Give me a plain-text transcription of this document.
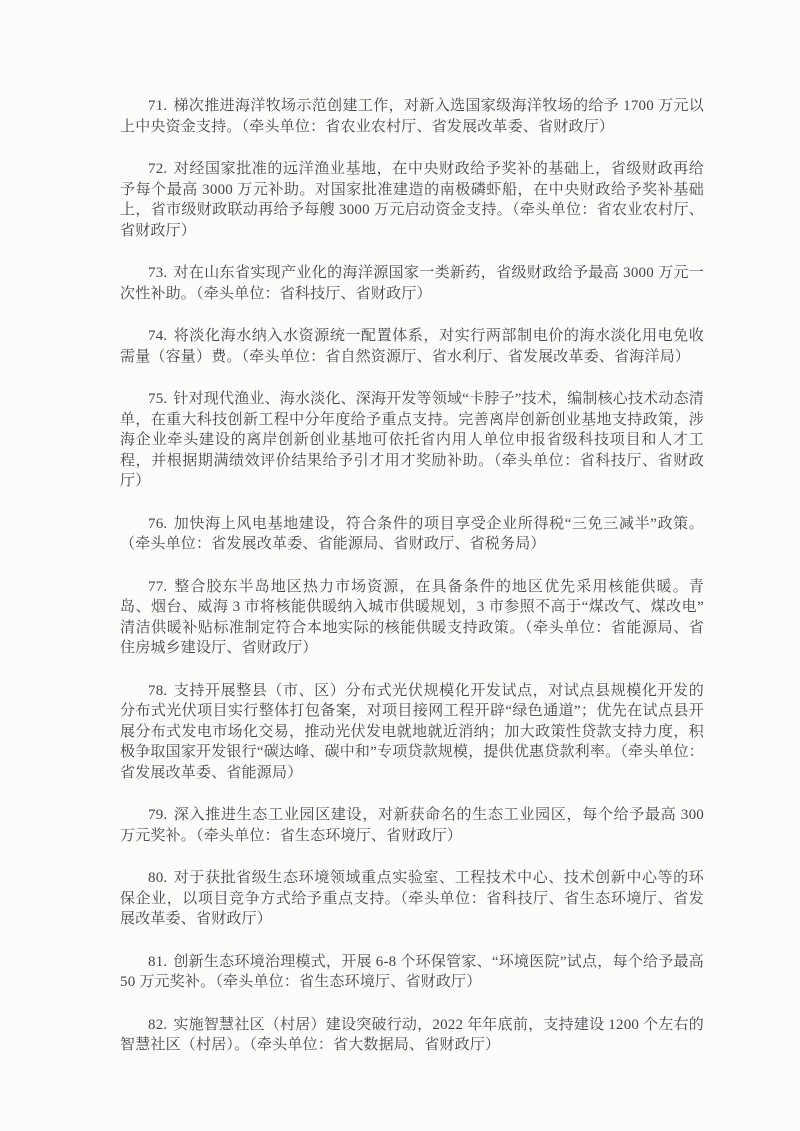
71. 梯次推进海洋牧场示范创建工作，对新入选国家级海洋牧场的给予 1700 万元以上中央资金支持。（牵头单位：省农业农村厅、省发展改革委、省财政厅）

72. 对经国家批准的远洋渔业基地，在中央财政给予奖补的基础上，省级财政再给予每个最高 3000 万元补助。对国家批准建造的南极磷虾船，在中央财政给予奖补基础上，省市级财政联动再给予每艘 3000 万元启动资金支持。（牵头单位：省农业农村厅、省财政厅）

73. 对在山东省实现产业化的海洋源国家一类新药，省级财政给予最高 3000 万元一次性补助。（牵头单位：省科技厅、省财政厅）

74. 将淡化海水纳入水资源统一配置体系，对实行两部制电价的海水淡化用电免收需量（容量）费。（牵头单位：省自然资源厅、省水利厅、省发展改革委、省海洋局）

75. 针对现代渔业、海水淡化、深海开发等领域“卡脖子”技术，编制核心技术动态清单，在重大科技创新工程中分年度给予重点支持。完善离岸创新创业基地支持政策，涉海企业牵头建设的离岸创新创业基地可依托省内用人单位申报省级科技项目和人才工程，并根据期满绩效评价结果给予引才用才奖励补助。（牵头单位：省科技厅、省财政厅）

76. 加快海上风电基地建设，符合条件的项目享受企业所得税“三免三减半”政策。（牵头单位：省发展改革委、省能源局、省财政厅、省税务局）

77. 整合胶东半岛地区热力市场资源，在具备条件的地区优先采用核能供暖。青岛、烟台、威海 3 市将核能供暖纳入城市供暖规划，3 市参照不高于“煤改气、煤改电”清洁供暖补贴标准制定符合本地实际的核能供暖支持政策。（牵头单位：省能源局、省住房城乡建设厅、省财政厅）

78. 支持开展整县（市、区）分布式光伏规模化开发试点，对试点县规模化开发的分布式光伏项目实行整体打包备案，对项目接网工程开辟“绿色通道”；优先在试点县开展分布式发电市场化交易，推动光伏发电就地就近消纳；加大政策性贷款支持力度，积极争取国家开发银行“碳达峰、碳中和”专项贷款规模，提供优惠贷款利率。（牵头单位：省发展改革委、省能源局）

79. 深入推进生态工业园区建设，对新获命名的生态工业园区，每个给予最高 300 万元奖补。（牵头单位：省生态环境厅、省财政厅）

80. 对于获批省级生态环境领域重点实验室、工程技术中心、技术创新中心等的环保企业，以项目竞争方式给予重点支持。（牵头单位：省科技厅、省生态环境厅、省发展改革委、省财政厅）

81. 创新生态环境治理模式，开展 6-8 个环保管家、“环境医院”试点，每个给予最高 50 万元奖补。（牵头单位：省生态环境厅、省财政厅）

82. 实施智慧社区（村居）建设突破行动，2022 年年底前，支持建设 1200 个左右的智慧社区（村居）。（牵头单位：省大数据局、省财政厅）
